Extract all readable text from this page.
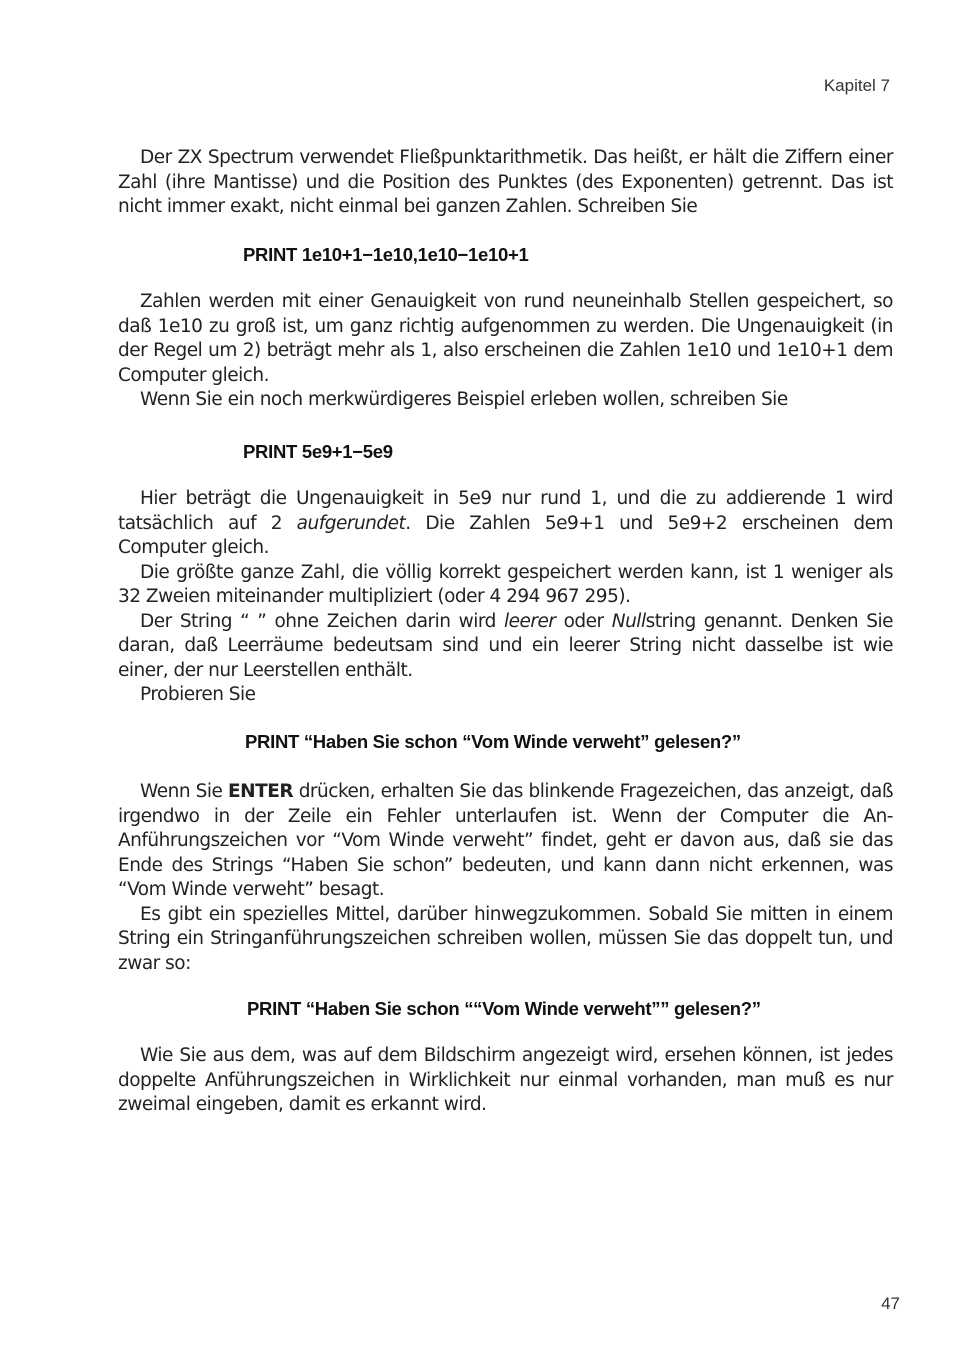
Kapitel 7

Der ZX Spectrum verwendet Fließpunktarithmetik. Das heißt, er hält die Ziffern einer Zahl (ihre Mantisse) und die Position des Punktes (des Exponenten) getrennt. Das ist nicht immer exakt, nicht einmal bei ganzen Zahlen. Schreiben Sie

PRINT 1e10+1−1e10,1e10−1e10+1

Zahlen werden mit einer Genauigkeit von rund neuneinhalb Stellen gespeichert, so daß 1e10 zu groß ist, um ganz richtig aufgenommen zu werden. Die Ungenauigkeit (in der Regel um 2) beträgt mehr als 1, also erscheinen die Zahlen 1e10 und 1e10+1 dem Computer gleich.

Wenn Sie ein noch merkwürdigeres Beispiel erleben wollen, schreiben Sie

PRINT 5e9+1−5e9

Hier beträgt die Ungenauigkeit in 5e9 nur rund 1, und die zu addierende 1 wird tatsächlich auf 2 aufgerundet. Die Zahlen 5e9+1 und 5e9+2 erscheinen dem Computer gleich.

Die größte ganze Zahl, die völlig korrekt gespeichert werden kann, ist 1 weniger als 32 Zweien miteinander multipliziert (oder 4 294 967 295).

Der String “ ” ohne Zeichen darin wird leerer oder Nullstring genannt. Denken Sie daran, daß Leerräume bedeutsam sind und ein leerer String nicht dasselbe ist wie einer, der nur Leerstellen enthält.

Probieren Sie

PRINT “Haben Sie schon “Vom Winde verweht” gelesen?”

Wenn Sie ENTER drücken, erhalten Sie das blinkende Fragezeichen, das anzeigt, daß irgendwo in der Zeile ein Fehler unterlaufen ist. Wenn der Computer die An-Anführungszeichen vor “Vom Winde verweht” findet, geht er davon aus, daß sie das Ende des Strings “Haben Sie schon” bedeuten, und kann dann nicht erkennen, was “Vom Winde verweht” besagt.

Es gibt ein spezielles Mittel, darüber hinwegzukommen. Sobald Sie mitten in einem String ein Stringanführungszeichen schreiben wollen, müssen Sie das doppelt tun, und zwar so:

PRINT “Haben Sie schon ““Vom Winde verweht”” gelesen?”

Wie Sie aus dem, was auf dem Bildschirm angezeigt wird, ersehen können, ist jedes doppelte Anführungszeichen in Wirklichkeit nur einmal vorhanden, man muß es nur zweimal eingeben, damit es erkannt wird.

47
